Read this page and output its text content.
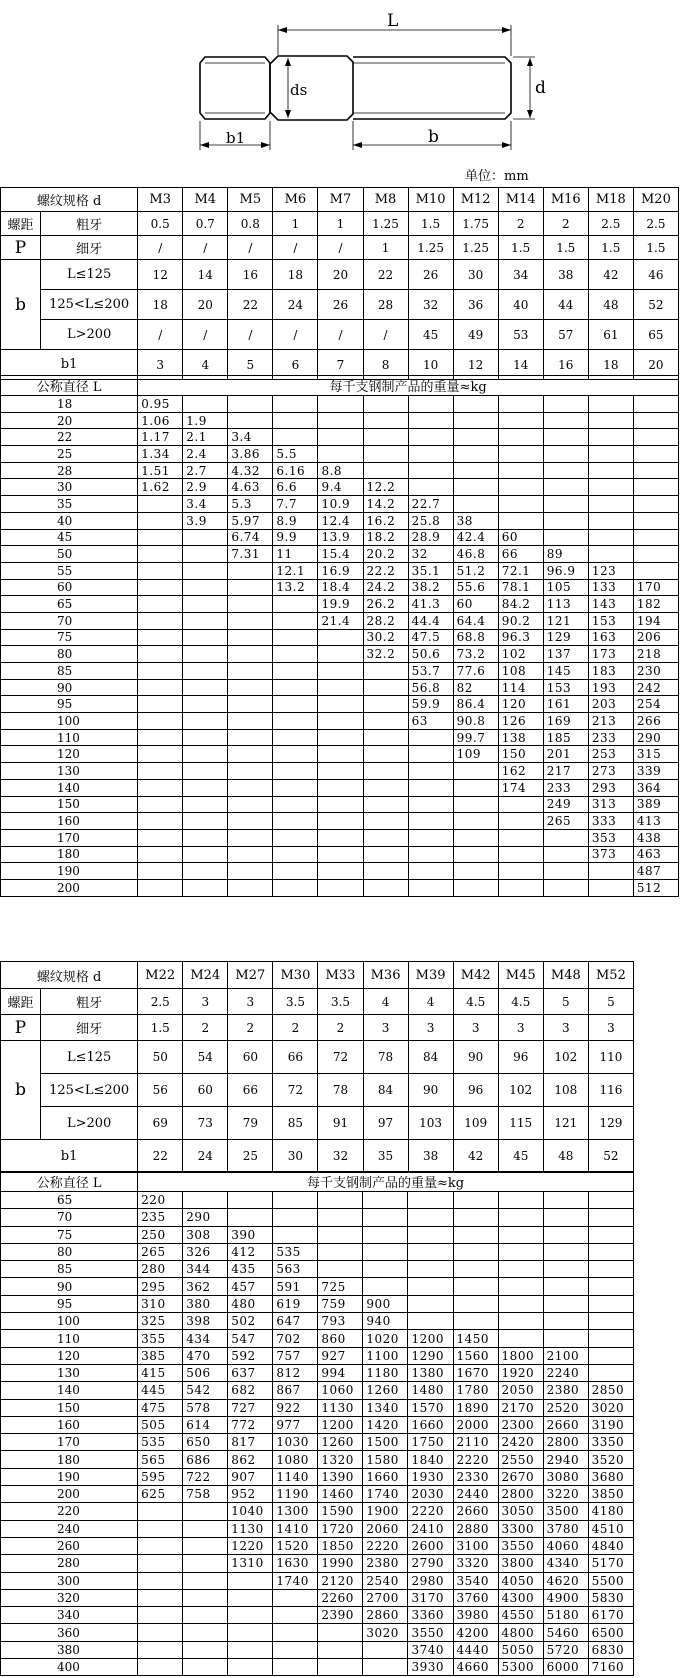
L
ds	d
b1	b
单位：mm
螺纹规格 d		M3	M4	M5	M6	M7	M8	M10	M12	M14	M16	M18	M20
螺距	粗牙	0.5	0.7	0.8	1	1	1.25	1.5	1.75	2	2	2.5	2.5
P	细牙	/	/	/	/	/	1	1.25	1.25	1.5	1.5	1.5	1.5
b	L≤125	12	14	16	18	20	22	26	30	34	38	42	46
	125<L≤200	18	20	22	24	26	28	32	36	40	44	48	52
	L>200	/	/	/	/	/	/	45	49	53	57	61	65
b1		3	4	5	6	7	8	10	12	14	16	18	20
公称直径 L	每千支钢制产品的重量≈kg											
18	0.95											
20	1.06	1.9										
22	1.17	2.1	3.4									
25	1.34	2.4	3.86	5.5								
28	1.51	2.7	4.32	6.16	8.8							
30	1.62	2.9	4.63	6.6	9.4	12.2						
35		3.4	5.3	7.7	10.9	14.2	22.7					
40		3.9	5.97	8.9	12.4	16.2	25.8	38				
45			6.74	9.9	13.9	18.2	28.9	42.4	60			
50			7.31	11	15.4	20.2	32	46.8	66	89		
55				12.1	16.9	22.2	35.1	51.2	72.1	96.9	123	
60				13.2	18.4	24.2	38.2	55.6	78.1	105	133	170
65					19.9	26.2	41.3	60	84.2	113	143	182
70					21.4	28.2	44.4	64.4	90.2	121	153	194
75						30.2	47.5	68.8	96.3	129	163	206
80						32.2	50.6	73.2	102	137	173	218
85							53.7	77.6	108	145	183	230
90							56.8	82	114	153	193	242
95							59.9	86.4	120	161	203	254
100							63	90.8	126	169	213	266
110								99.7	138	185	233	290
120								109	150	201	253	315
130									162	217	273	339
140									174	233	293	364
150										249	313	389
160										265	333	413
170											353	438
180											373	463
190												487
200												512
螺纹规格 d		M22	M24	M27	M30	M33	M36	M39	M42	M45	M48	M52
螺距	粗牙	2.5	3	3	3.5	3.5	4	4	4.5	4.5	5	5
P	细牙	1.5	2	2	2	2	3	3	3	3	3	3
b	L≤125	50	54	60	66	72	78	84	90	96	102	110
	125<L≤200	56	60	66	72	78	84	90	96	102	108	116
	L>200	69	73	79	85	91	97	103	109	115	121	129
b1		22	24	25	30	32	35	38	42	45	48	52
公称直径 L	每千支钢制产品的重量≈kg										
65	220										
70	235	290									
75	250	308	390								
80	265	326	412	535							
85	280	344	435	563							
90	295	362	457	591	725						
95	310	380	480	619	759	900					
100	325	398	502	647	793	940					
110	355	434	547	702	860	1020	1200	1450			
120	385	470	592	757	927	1100	1290	1560	1800	2100	
130	415	506	637	812	994	1180	1380	1670	1920	2240	
140	445	542	682	867	1060	1260	1480	1780	2050	2380	2850
150	475	578	727	922	1130	1340	1570	1890	2170	2520	3020
160	505	614	772	977	1200	1420	1660	2000	2300	2660	3190
170	535	650	817	1030	1260	1500	1750	2110	2420	2800	3350
180	565	686	862	1080	1320	1580	1840	2220	2550	2940	3520
190	595	722	907	1140	1390	1660	1930	2330	2670	3080	3680
200	625	758	952	1190	1460	1740	2030	2440	2800	3220	3850
220			1040	1300	1590	1900	2220	2660	3050	3500	4180
240			1130	1410	1720	2060	2410	2880	3300	3780	4510
260			1220	1520	1850	2220	2600	3100	3550	4060	4840
280			1310	1630	1990	2380	2790	3320	3800	4340	5170
300				1740	2120	2540	2980	3540	4050	4620	5500
320					2260	2700	3170	3760	4300	4900	5830
340					2390	2860	3360	3980	4550	5180	6170
360						3020	3550	4200	4800	5460	6500
380							3740	4440	5050	5720	6830
400							3930	4660	5300	6000	7160
